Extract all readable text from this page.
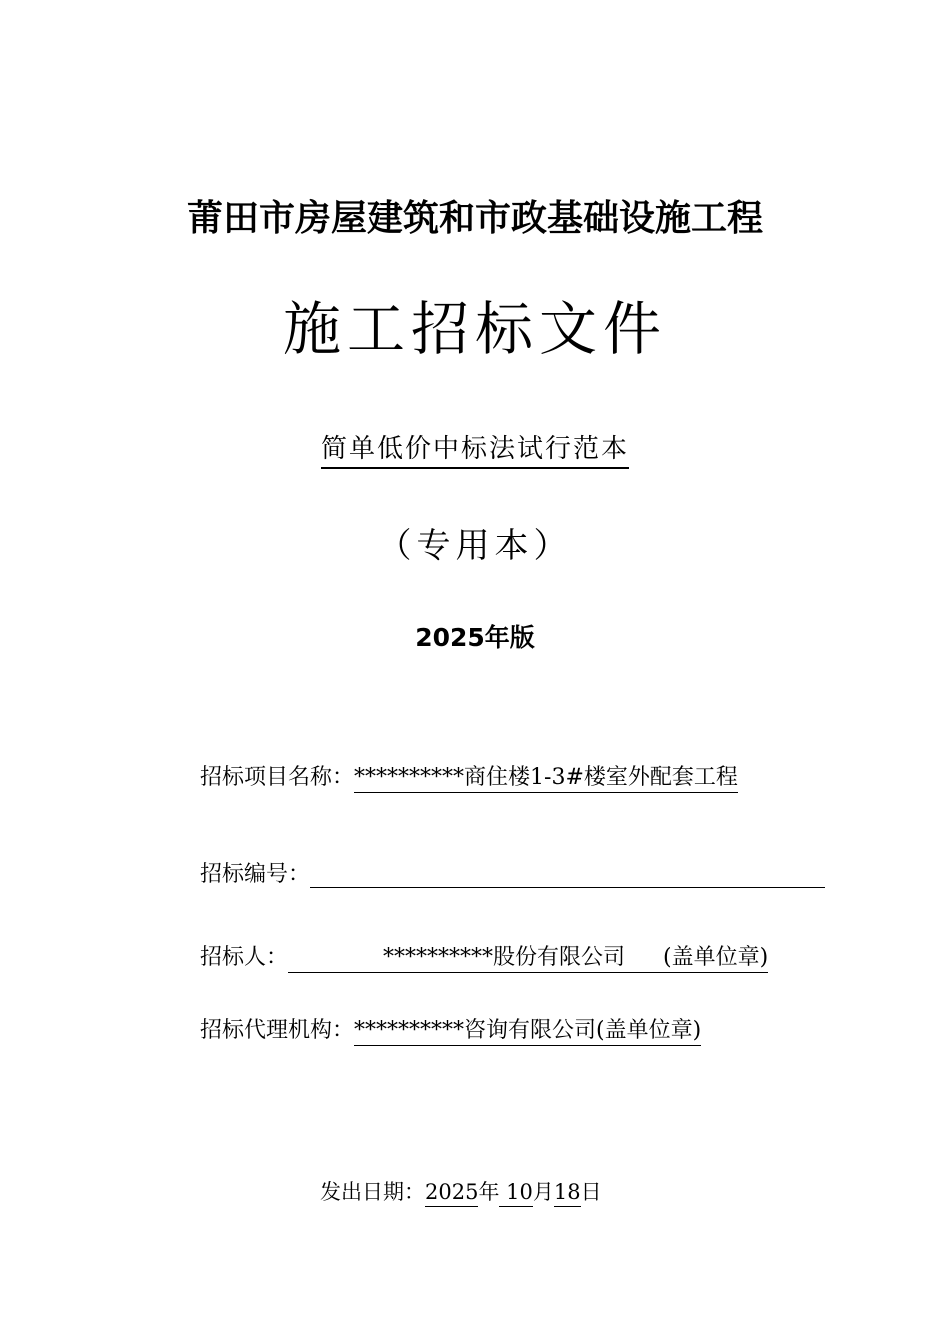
莆田市房屋建筑和市政基础设施工程
施工招标文件
简单低价中标法试行范本
（专用本）
2025年版
招标项目名称：**********商住楼1-3#楼室外配套工程
招标编号：
招标人：	**********股份有限公司 (盖单位章)
招标代理机构：**********咨询有限公司(盖单位章)
发出日期：2025年 10月18日
